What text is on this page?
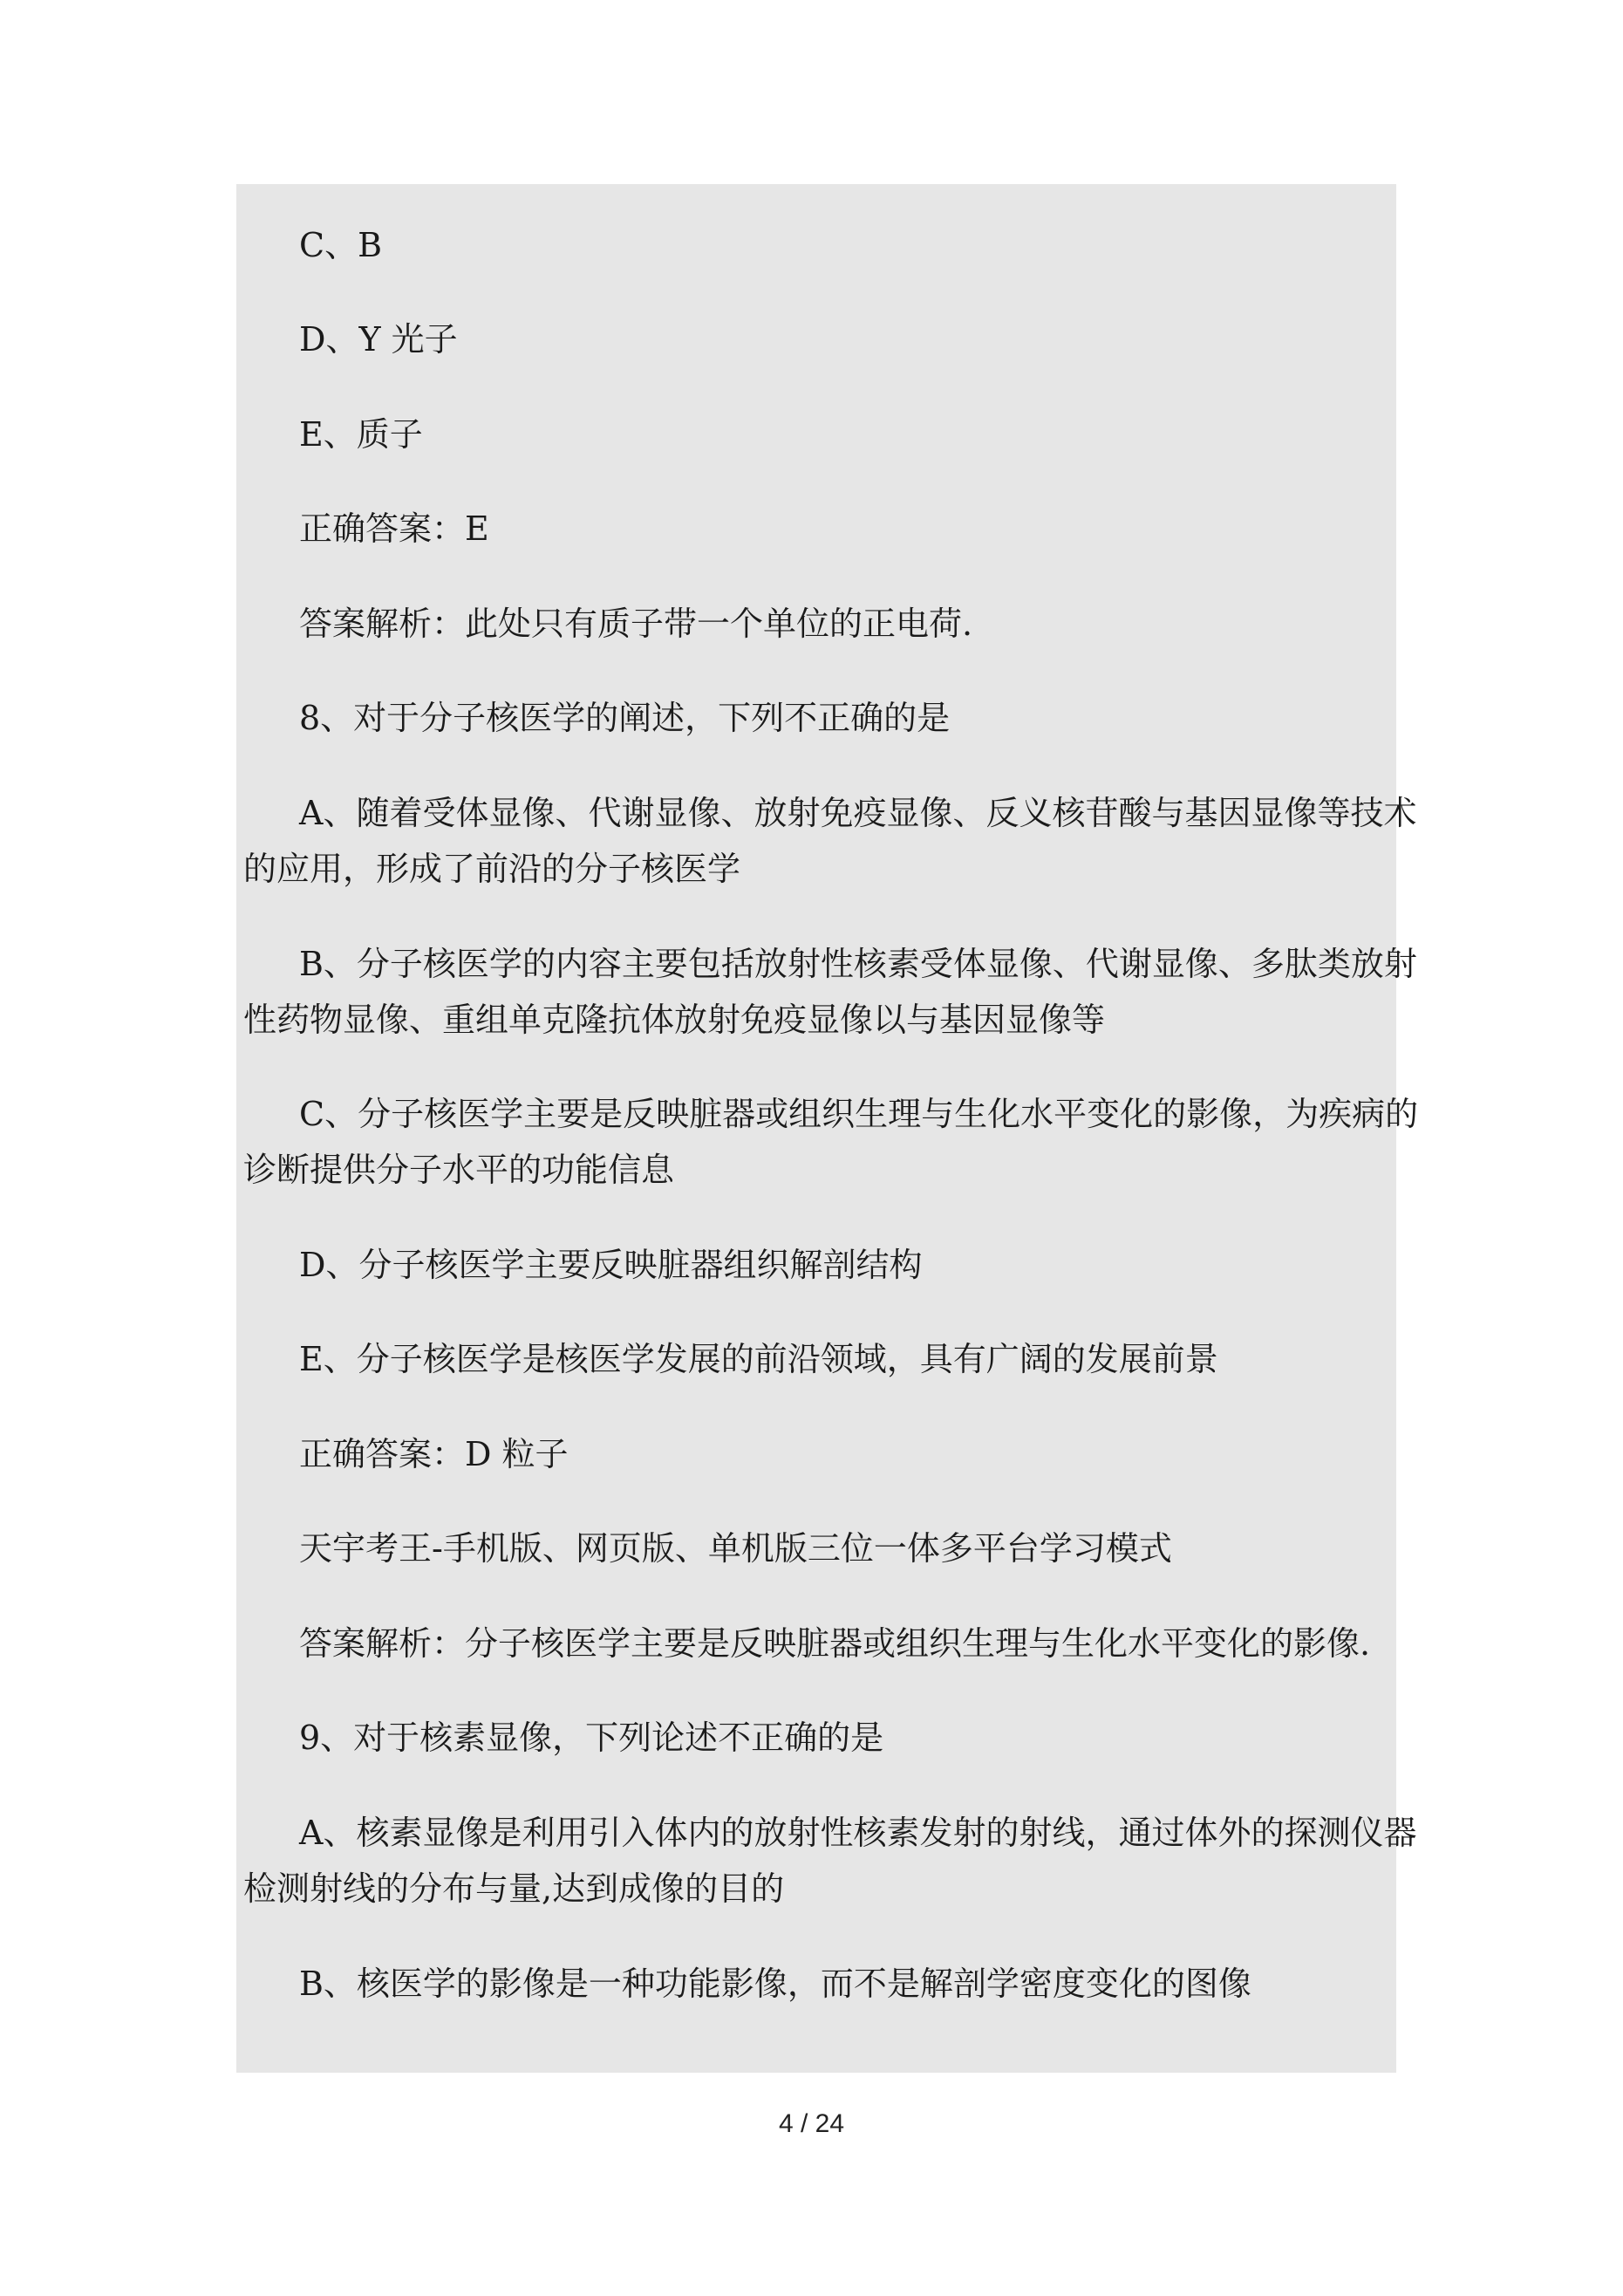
C、B
D、Y 光子
E、质子
正确答案：E
答案解析：此处只有质子带一个单位的正电荷.
8、对于分子核医学的阐述，下列不正确的是
A、随着受体显像、代谢显像、放射免疫显像、反义核苷酸与基因显像等技术
的应用，形成了前沿的分子核医学
B、分子核医学的内容主要包括放射性核素受体显像、代谢显像、多肽类放射
性药物显像、重组单克隆抗体放射免疫显像以与基因显像等
C、分子核医学主要是反映脏器或组织生理与生化水平变化的影像，为疾病的
诊断提供分子水平的功能信息
D、分子核医学主要反映脏器组织解剖结构
E、分子核医学是核医学发展的前沿领域，具有广阔的发展前景
正确答案：D 粒子
天宇考王-手机版、网页版、单机版三位一体多平台学习模式
答案解析：分子核医学主要是反映脏器或组织生理与生化水平变化的影像.
9、对于核素显像，下列论述不正确的是
A、核素显像是利用引入体内的放射性核素发射的射线，通过体外的探测仪器
检测射线的分布与量,达到成像的目的
B、核医学的影像是一种功能影像，而不是解剖学密度变化的图像
4 / 24
